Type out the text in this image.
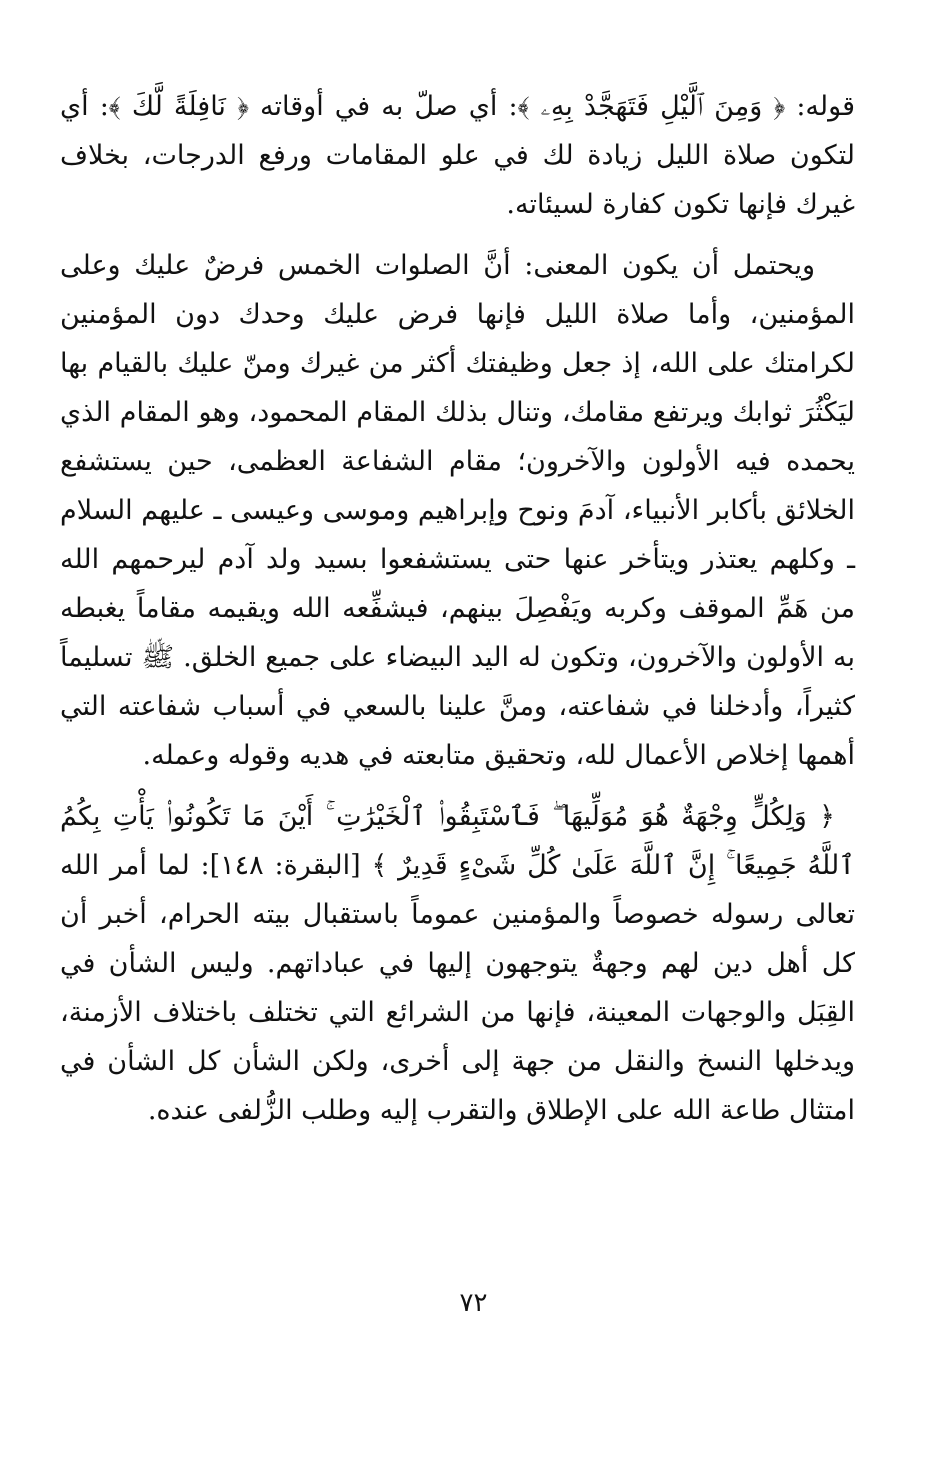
قوله: ﴿ وَمِنَ ٱلَّيْلِ فَتَهَجَّدْ بِهِۦ ﴾: أي صلّ به في أوقاته ﴿ نَافِلَةً لَّكَ ﴾: أي لتكون صلاة الليل زيادة لك في علو المقامات ورفع الدرجات، بخلاف غيرك فإنها تكون كفارة لسيئاته.

ويحتمل أن يكون المعنى: أنَّ الصلوات الخمس فرضٌ عليك وعلى المؤمنين، وأما صلاة الليل فإنها فرض عليك وحدك دون المؤمنين لكرامتك على الله، إذ جعل وظيفتك أكثر من غيرك ومنّ عليك بالقيام بها ليَكْثُرَ ثوابك ويرتفع مقامك، وتنال بذلك المقام المحمود، وهو المقام الذي يحمده فيه الأولون والآخرون؛ مقام الشفاعة العظمى، حين يستشفع الخلائق بأكابر الأنبياء، آدمَ ونوح وإبراهيم وموسى وعيسى ـ عليهم السلام ـ وكلهم يعتذر ويتأخر عنها حتى يستشفعوا بسيد ولد آدم ليرحمهم الله من هَمِّ الموقف وكربه ويَفْصِلَ بينهم، فيشفِّعه الله ويقيمه مقاماً يغبطه به الأولون والآخرون، وتكون له اليد البيضاء على جميع الخلق. ﷺ تسليماً كثيراً، وأدخلنا في شفاعته، ومنَّ علينا بالسعي في أسباب شفاعته التي أهمها إخلاص الأعمال لله، وتحقيق متابعته في هديه وقوله وعمله.

﴿ وَلِكُلٍّ وِجْهَةٌ هُوَ مُوَلِّيهَا ۖ فَٱسْتَبِقُوا۟ ٱلْخَيْرَٰتِ ۚ أَيْنَ مَا تَكُونُوا۟ يَأْتِ بِكُمُ ٱللَّهُ جَمِيعًا ۚ إِنَّ ٱللَّهَ عَلَىٰ كُلِّ شَىْءٍ قَدِيرٌ ﴾ [البقرة: ١٤٨]: لما أمر الله تعالى رسوله خصوصاً والمؤمنين عموماً باستقبال بيته الحرام، أخبر أن كل أهل دين لهم وجهةٌ يتوجهون إليها في عباداتهم. وليس الشأن في القِبَل والوجهات المعينة، فإنها من الشرائع التي تختلف باختلاف الأزمنة، ويدخلها النسخ والنقل من جهة إلى أخرى، ولكن الشأن كل الشأن في امتثال طاعة الله على الإطلاق والتقرب إليه وطلب الزُّلفى عنده.

٧٢
